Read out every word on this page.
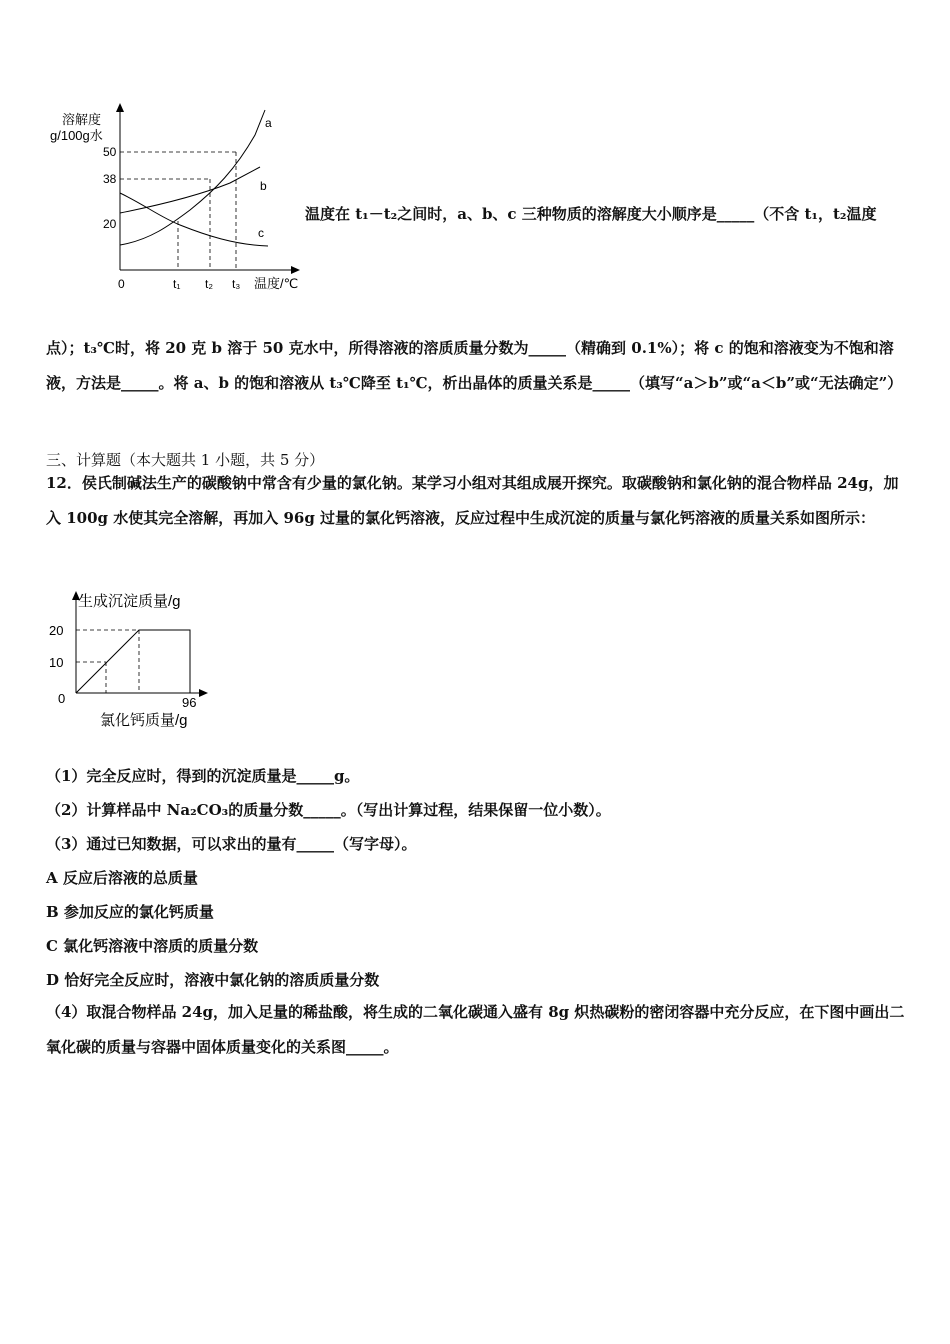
溶解度
g/100g水
50
38
20
0	t₁ t₂ t₃ 温度/℃
a
b
c
温度在 t₁－t₂之间时，a、b、c 三种物质的溶解度大小顺序是_____（不含 t₁，t₂温度
点）；t₃℃时，将 20 克 b 溶于 50 克水中，所得溶液的溶质质量分数为_____（精确到 0.1%）；将 c 的饱和溶液变为不饱和溶液，方法是_____。将 a、b 的饱和溶液从 t₃℃降至 t₁℃，析出晶体的质量关系是_____（填写“a＞b”或“a＜b”或“无法确定”）
三、计算题（本大题共 1 小题，共 5 分）
12．侯氏制碱法生产的碳酸钠中常含有少量的氯化钠。某学习小组对其组成展开探究。取碳酸钠和氯化钠的混合物样品 24g，加入 100g 水使其完全溶解，再加入 96g 过量的氯化钙溶液，反应过程中生成沉淀的质量与氯化钙溶液的质量关系如图所示：
生成沉淀质量/g
20
10
0	96
氯化钙质量/g
（1）完全反应时，得到的沉淀质量是_____g。
（2）计算样品中 Na₂CO₃的质量分数_____。（写出计算过程，结果保留一位小数）。
（3）通过已知数据，可以求出的量有_____（写字母）。
A 反应后溶液的总质量
B 参加反应的氯化钙质量
C 氯化钙溶液中溶质的质量分数
D 恰好完全反应时，溶液中氯化钠的溶质质量分数
（4）取混合物样品 24g，加入足量的稀盐酸，将生成的二氧化碳通入盛有 8g 炽热碳粉的密闭容器中充分反应，在下图中画出二氧化碳的质量与容器中固体质量变化的关系图_____。
